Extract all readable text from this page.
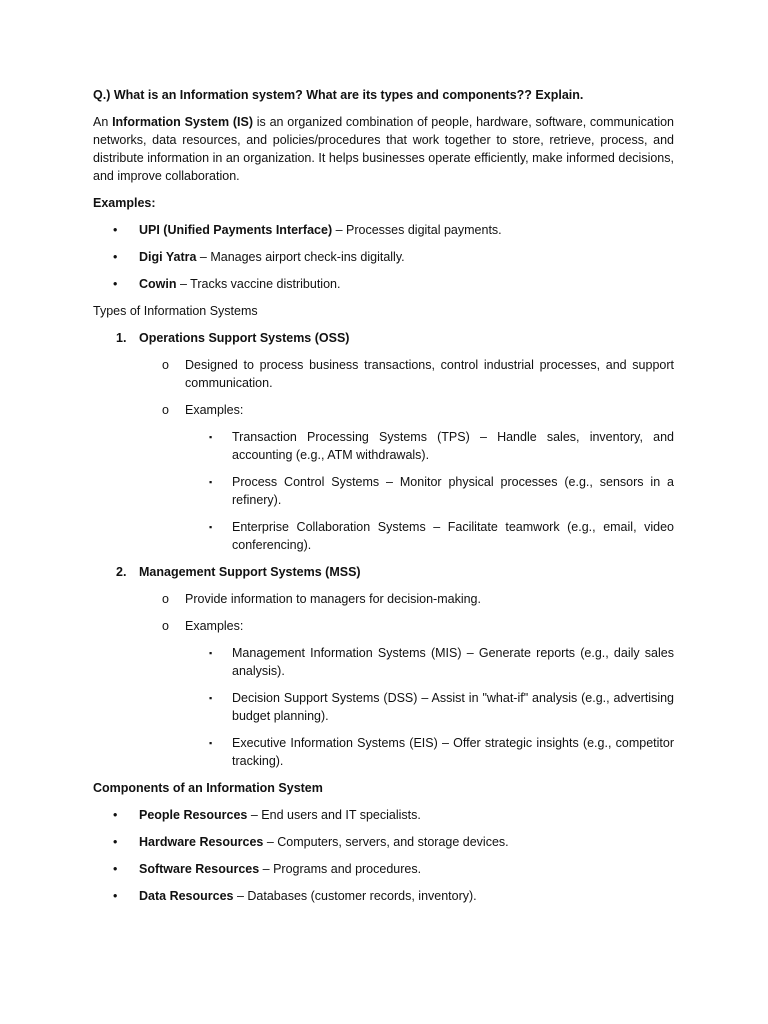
Q.) What is an Information system? What are its types and components?? Explain.

An Information System (IS) is an organized combination of people, hardware, software, communication networks, data resources, and policies/procedures that work together to store, retrieve, process, and distribute information in an organization. It helps businesses operate efficiently, make informed decisions, and improve collaboration.

Examples:

•	UPI (Unified Payments Interface) – Processes digital payments.
•	Digi Yatra – Manages airport check-ins digitally.
•	Cowin – Tracks vaccine distribution.

Types of Information Systems

1.	Operations Support Systems (OSS)
o	Designed to process business transactions, control industrial processes, and support communication.
o	Examples:
▪	Transaction Processing Systems (TPS) – Handle sales, inventory, and accounting (e.g., ATM withdrawals).
▪	Process Control Systems – Monitor physical processes (e.g., sensors in a refinery).
▪	Enterprise Collaboration Systems – Facilitate teamwork (e.g., email, video conferencing).
2.	Management Support Systems (MSS)
o	Provide information to managers for decision-making.
o	Examples:
▪	Management Information Systems (MIS) – Generate reports (e.g., daily sales analysis).
▪	Decision Support Systems (DSS) – Assist in "what-if" analysis (e.g., advertising budget planning).
▪	Executive Information Systems (EIS) – Offer strategic insights (e.g., competitor tracking).

Components of an Information System

•	People Resources – End users and IT specialists.
•	Hardware Resources – Computers, servers, and storage devices.
•	Software Resources – Programs and procedures.
•	Data Resources – Databases (customer records, inventory).
